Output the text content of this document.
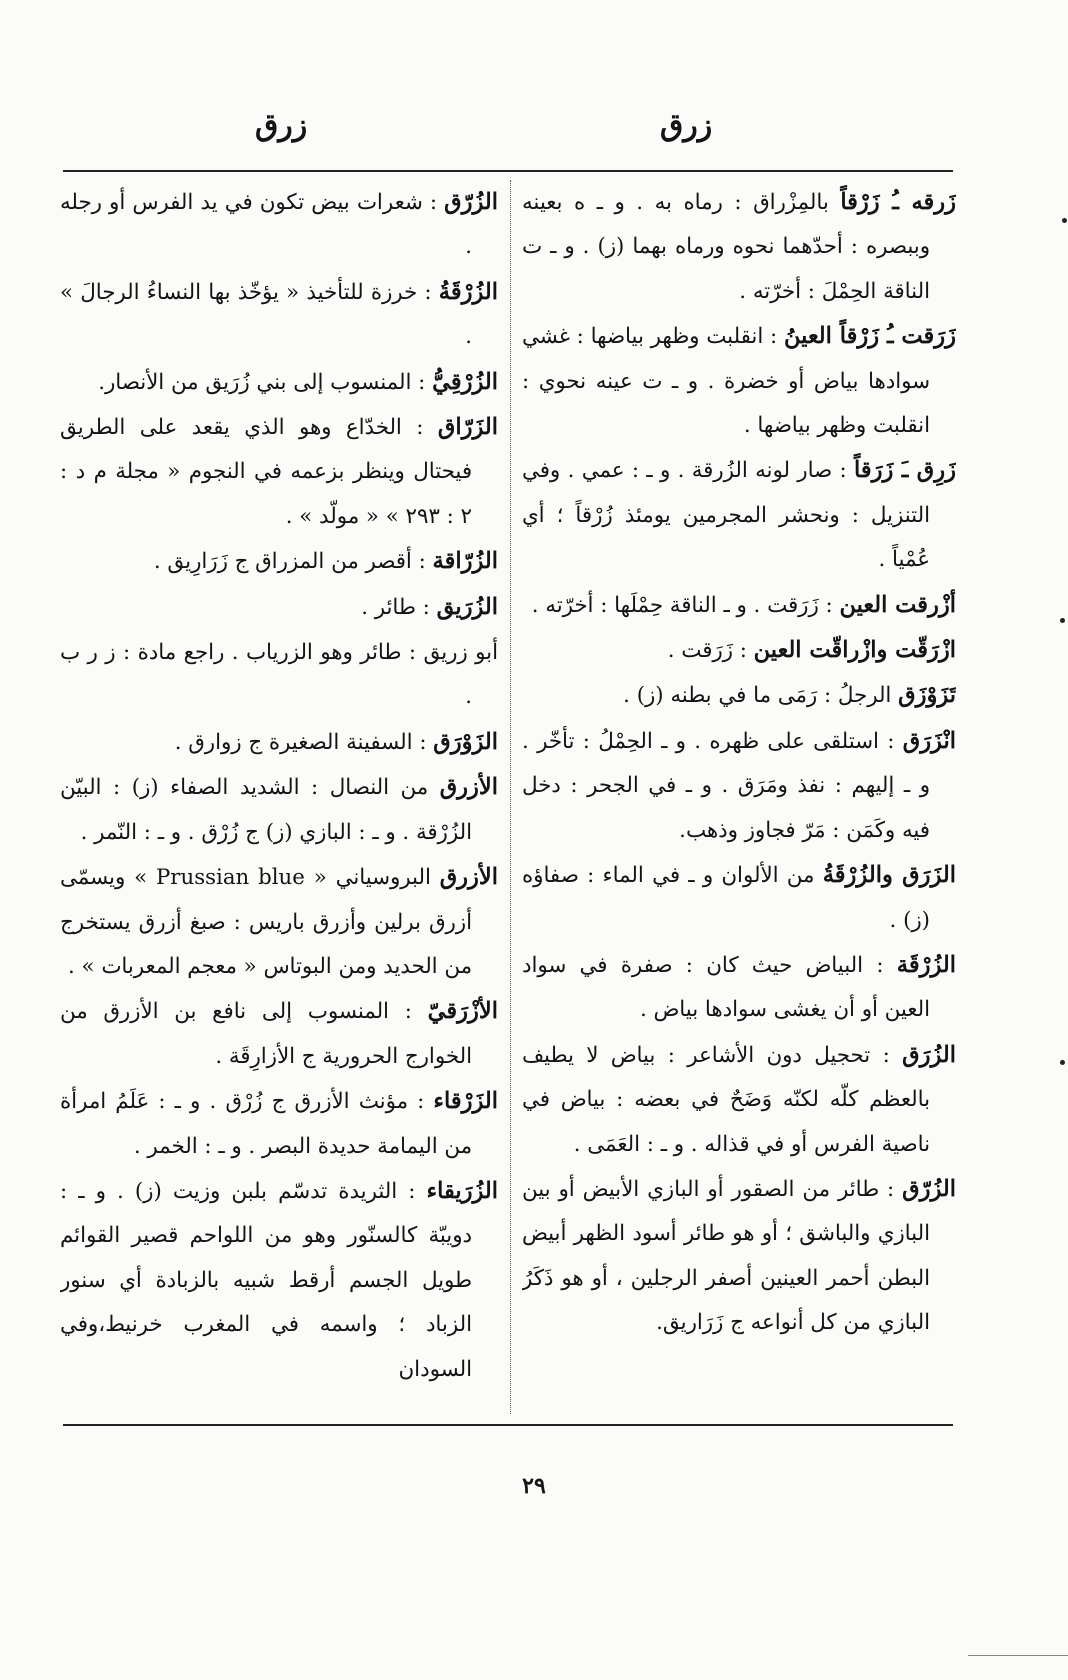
زرق
زرق

زَرقه ـُ زَرْقاً بالمِزْراق : رماه به . و ـ ه بعينه وببصره : أحدّهما نحوه ورماه بهما (ز) . و ـ ت الناقة الحِمْلَ : أخرّته .

زَرَقت ـُ زَرْقاً العينُ : انقلبت وظهر بياضها : غشي سوادها بياض أو خضرة . و ـ ت عينه نحوي : انقلبت وظهر بياضها .

زَرِق ـَ زَرَقاً : صار لونه الزُرقة . و ـ : عمي . وفي التنزيل : ونحشر المجرمين يومئذ زُرْقاً ؛ أي عُمْياً .

أزْرقت العين : زَرَقت . و ـ الناقة حِمْلَها : أخرّته .

ازْرَقّت وازْراقّت العين : زَرَقت .

تَزَوْزَق الرجلُ : رَمَى ما في بطنه (ز) .

انْزَرَق : استلقى على ظهره . و ـ الحِمْلُ : تأخّر . و ـ إليهم : نفذ ومَرَق . و ـ في الجحر : دخل فيه وكَمَن : مَرّ فجاوز وذهب.

الزَرَق والزُرْقَةُ من الألوان و ـ في الماء : صفاؤه (ز) .

الزُرْقَة : البياض حيث كان : صفرة في سواد العين أو أن يغشى سوادها بياض .

الزُرَق : تحجيل دون الأشاعر : بياض لا يطيف بالعظم كلّه لكنّه وَضَحٌ في بعضه : بياض في ناصية الفرس أو في قذاله . و ـ : العَمَى .

الزُرّق : طائر من الصقور أو البازي الأبيض أو بين البازي والباشق ؛ أو هو طائر أسود الظهر أبيض البطن أحمر العينين أصفر الرجلين ، أو هو ذَكَرُ البازي من كل أنواعه ج زَرَاريق.

الزُرّق : شعرات بيض تكون في يد الفرس أو رجله .

الزُرْقَةُ : خرزة للتأخيذ « يؤخّذ بها النساءُ الرجالَ » .

الزُرْقِيُّ : المنسوب إلى بني زُرَيق من الأنصار.

الزَرّاق : الخدّاع وهو الذي يقعد على الطريق فيحتال وينظر بزعمه في النجوم « مجلة م د : ٢ : ٢٩٣ » « مولّد » .

الزُرّاقة : أقصر من المزراق ج زَرَارِيق .

الزُرَيق : طائر .

أبو زريق : طائر وهو الزرياب . راجع مادة : ز ر ب .

الزَوْرَق : السفينة الصغيرة ج زوارق .

الأزرق من النصال : الشديد الصفاء (ز) : البيّن الزُرْقة . و ـ : البازي (ز) ج زُرْق . و ـ : النّمر .

الأزرق البروسياني « Prussian blue » ويسمّى أزرق برلين وأزرق باريس : صبغ أزرق يستخرج من الحديد ومن البوتاس « معجم المعربات » .

الأزْرَقيّ : المنسوب إلى نافع بن الأزرق من الخوارج الحرورية ج الأزارِقَة .

الزَرْقاء : مؤنث الأزرق ج زُرْق . و ـ : عَلَمُ امرأة من اليمامة حديدة البصر . و ـ : الخمر .

الزُرَيقاء : الثريدة تدسّم بلبن وزيت (ز) . و ـ : دويبّة كالسنّور وهو من اللواحم قصير القوائم طويل الجسم أرقط شبيه بالزبادة أي سنور الزباد ؛ واسمه في المغرب خرنيط،وفي السودان

٢٩
